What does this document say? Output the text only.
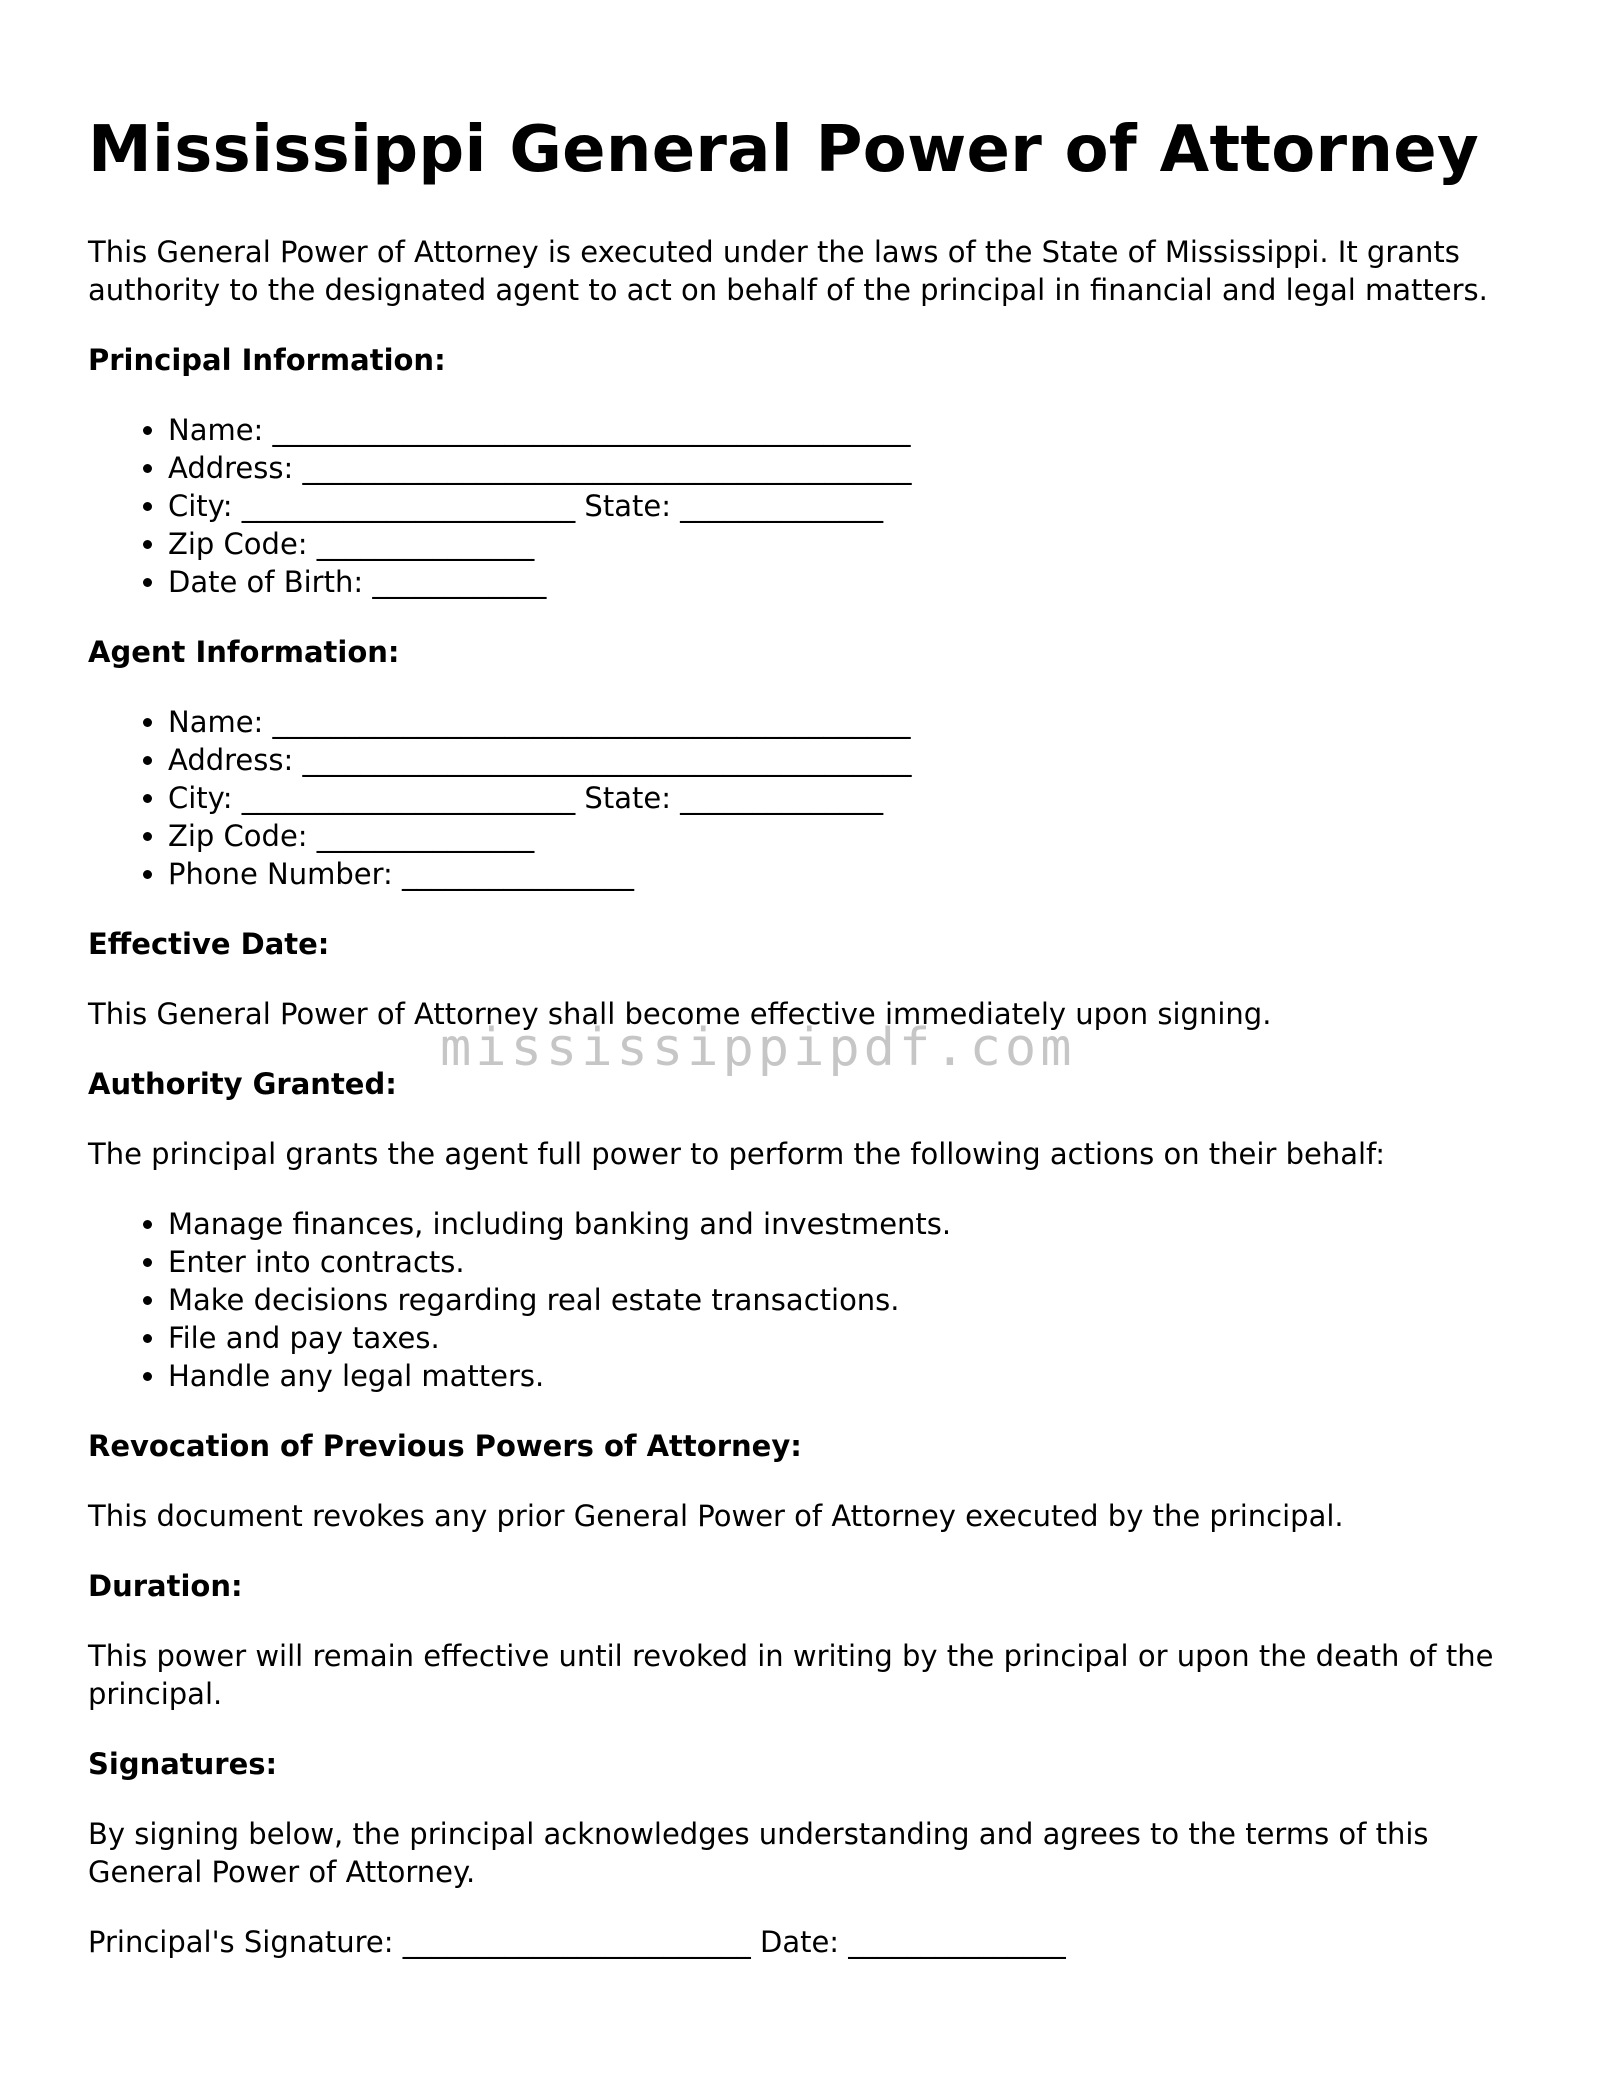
Mississippi General Power of Attorney

This General Power of Attorney is executed under the laws of the State of Mississippi. It grants authority to the designated agent to act on behalf of the principal in financial and legal matters.

Principal Information:
• Name: ____________________________________________
• Address: __________________________________________
• City: _______________________ State: ______________
• Zip Code: _______________
• Date of Birth: ____________
Agent Information:
• Name: ____________________________________________
• Address: __________________________________________
• City: _______________________ State: ______________
• Zip Code: _______________
• Phone Number: ________________
Effective Date:

This General Power of Attorney shall become effective immediately upon signing.

Authority Granted:

The principal grants the agent full power to perform the following actions on their behalf:

• Manage finances, including banking and investments.
• Enter into contracts.
• Make decisions regarding real estate transactions.
• File and pay taxes.
• Handle any legal matters.
Revocation of Previous Powers of Attorney:

This document revokes any prior General Power of Attorney executed by the principal.

Duration:

This power will remain effective until revoked in writing by the principal or upon the death of the principal.

Signatures:

By signing below, the principal acknowledges understanding and agrees to the terms of this General Power of Attorney.

Principal's Signature: ________________________ Date: _______________

mississippipdf.com
